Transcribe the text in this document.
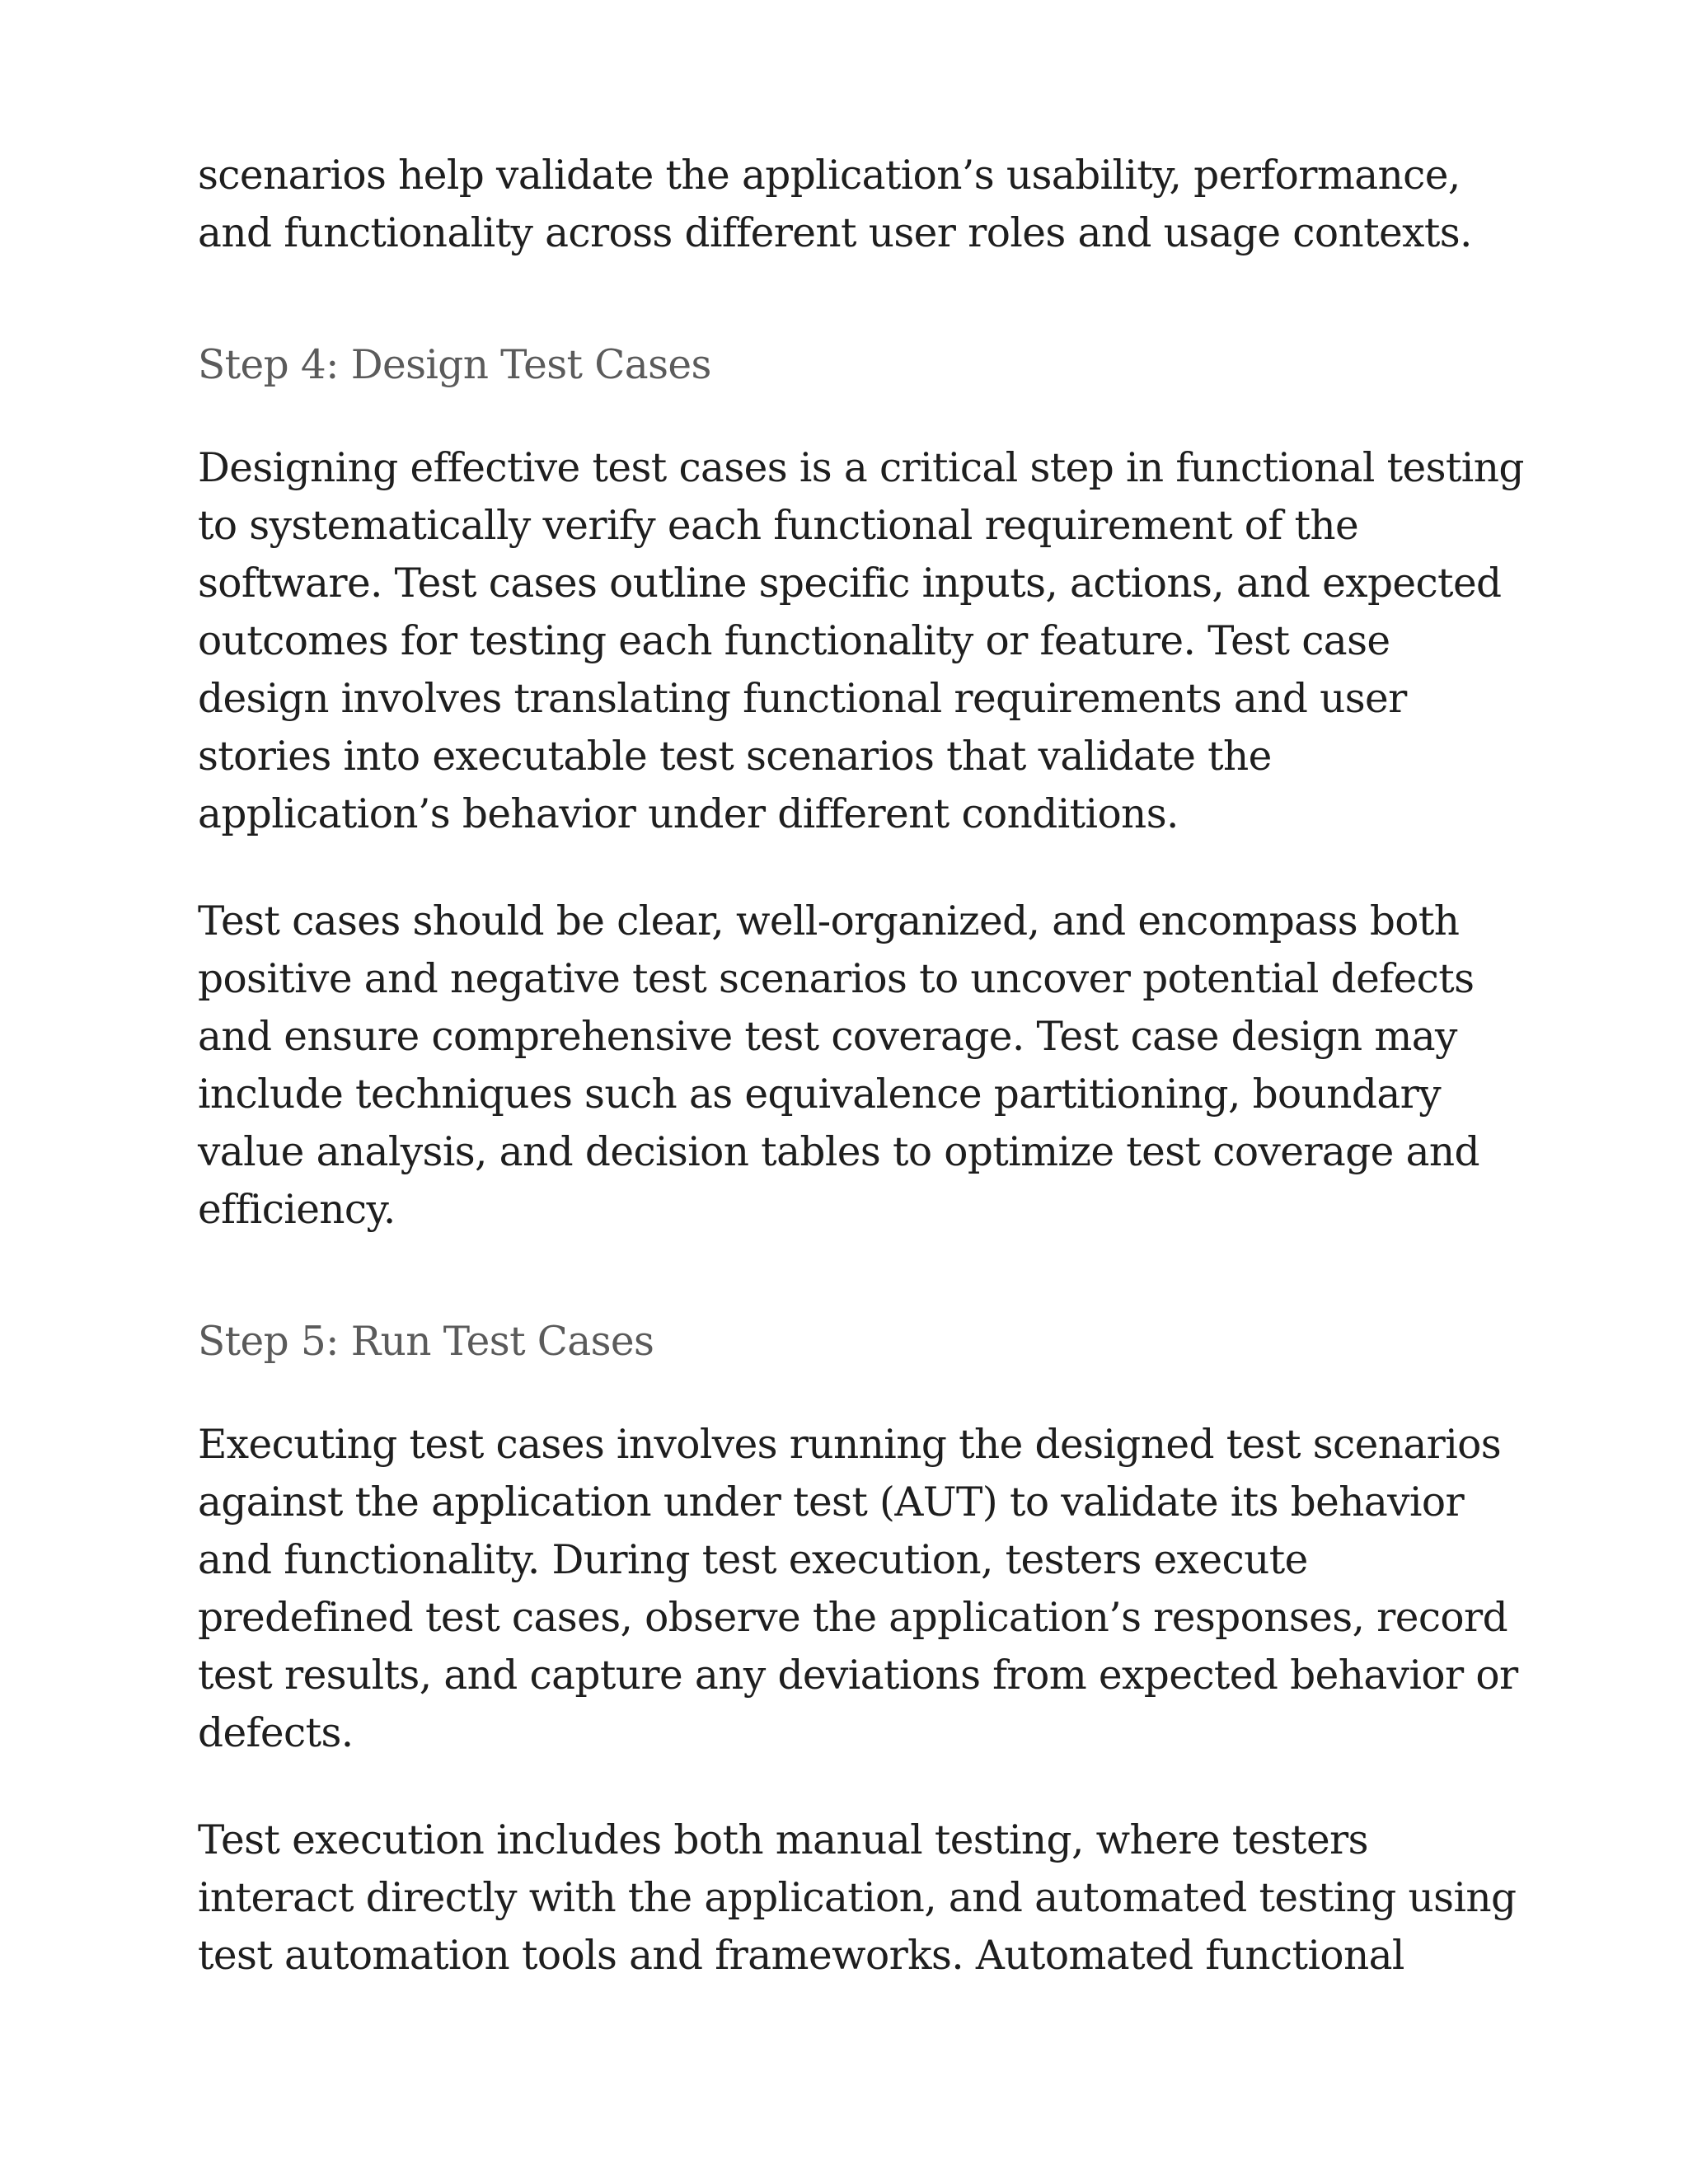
scenarios help validate the application’s usability, performance, and functionality across different user roles and usage contexts.

Step 4: Design Test Cases

Designing effective test cases is a critical step in functional testing to systematically verify each functional requirement of the software. Test cases outline specific inputs, actions, and expected outcomes for testing each functionality or feature. Test case design involves translating functional requirements and user stories into executable test scenarios that validate the application’s behavior under different conditions.

Test cases should be clear, well-organized, and encompass both positive and negative test scenarios to uncover potential defects and ensure comprehensive test coverage. Test case design may include techniques such as equivalence partitioning, boundary value analysis, and decision tables to optimize test coverage and efficiency.

Step 5: Run Test Cases

Executing test cases involves running the designed test scenarios against the application under test (AUT) to validate its behavior and functionality. During test execution, testers execute predefined test cases, observe the application’s responses, record test results, and capture any deviations from expected behavior or defects.

Test execution includes both manual testing, where testers interact directly with the application, and automated testing using test automation tools and frameworks. Automated functional
